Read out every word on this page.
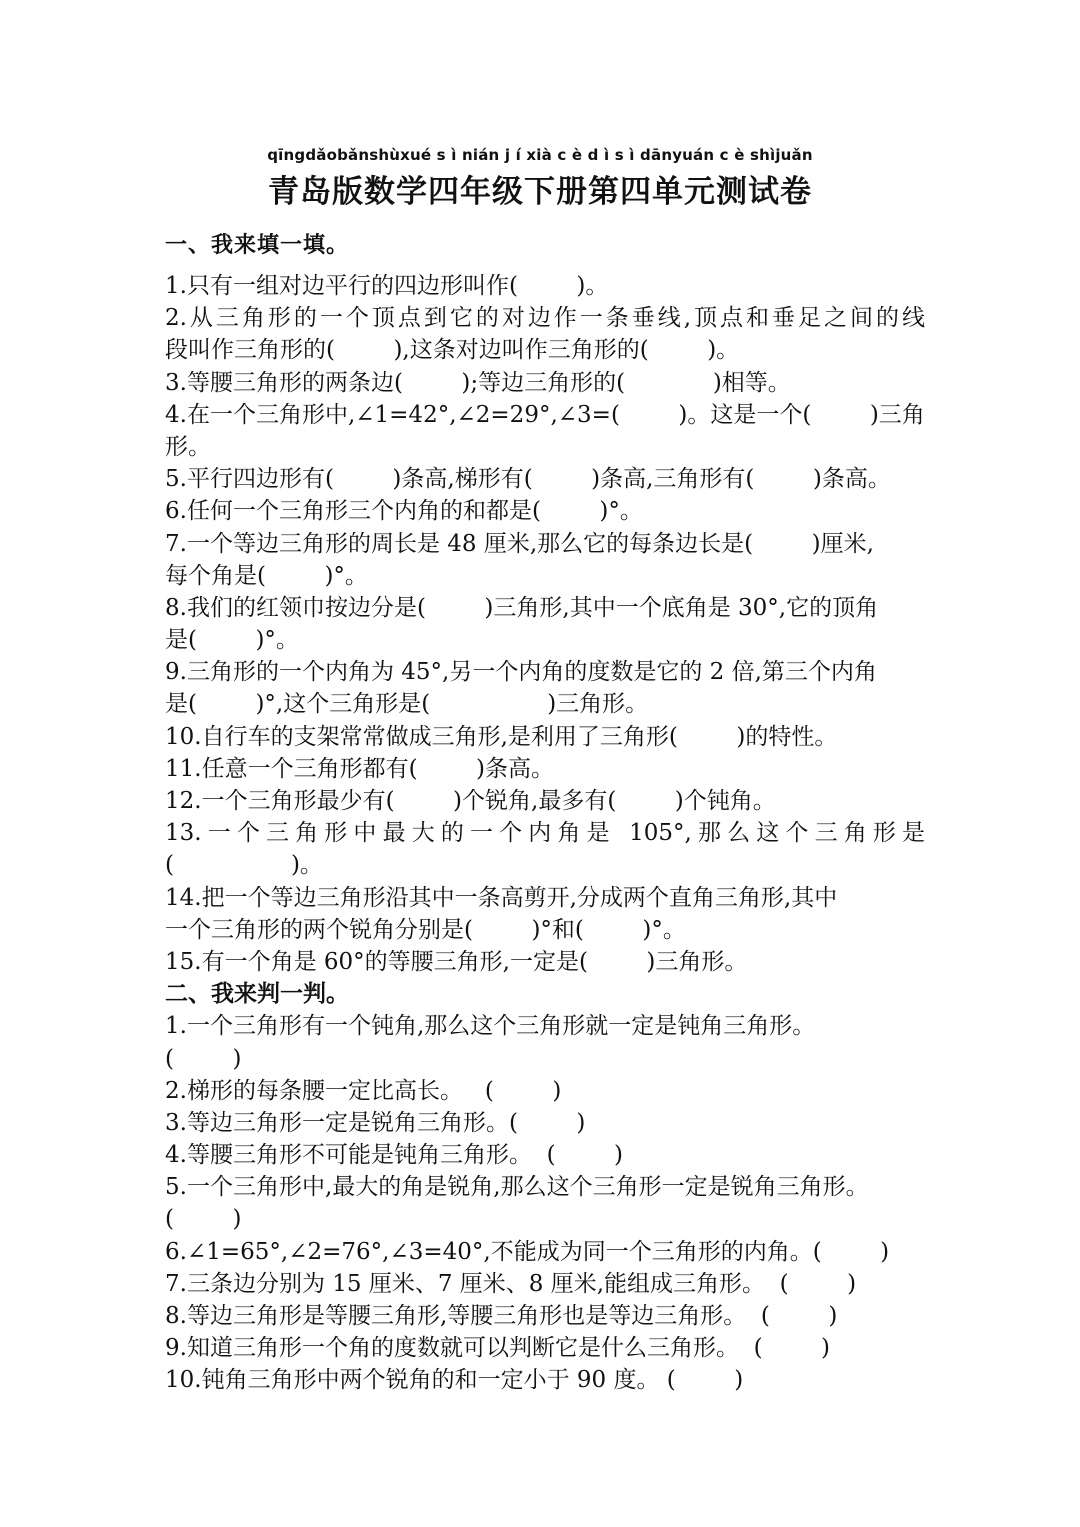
qīngdǎobǎnshùxué s ì nián j í xià c è d ì s ì dānyuán c è shìjuǎn
青岛版数学四年级下册第四单元测试卷
一、我来填一填。
1.只有一组对边平行的四边形叫作(        )。
2.从三角形的一个顶点到它的对边作一条垂线,顶点和垂足之间的线
段叫作三角形的(        ),这条对边叫作三角形的(        )。
3.等腰三角形的两条边(        );等边三角形的(            )相等。
4.在一个三角形中,∠1=42°,∠2=29°,∠3=(        )。这是一个(        )三角
形。
5.平行四边形有(        )条高,梯形有(        )条高,三角形有(        )条高。
6.任何一个三角形三个内角的和都是(        )°。
7.一个等边三角形的周长是 48 厘米,那么它的每条边长是(        )厘米,
每个角是(        )°。
8.我们的红领巾按边分是(        )三角形,其中一个底角是 30°,它的顶角
是(        )°。
9.三角形的一个内角为 45°,另一个内角的度数是它的 2 倍,第三个内角
是(        )°,这个三角形是(                )三角形。
10.自行车的支架常常做成三角形,是利用了三角形(        )的特性。
11.任意一个三角形都有(        )条高。
12.一个三角形最少有(        )个锐角,最多有(        )个钝角。
13.一个三角形中最大的一个内角是 105°,那么这个三角形是
(                )。
14.把一个等边三角形沿其中一条高剪开,分成两个直角三角形,其中
一个三角形的两个锐角分别是(        )°和(        )°。
15.有一个角是 60°的等腰三角形,一定是(        )三角形。
二、我来判一判。
1.一个三角形有一个钝角,那么这个三角形就一定是钝角三角形。
(        )
2.梯形的每条腰一定比高长。   (        )
3.等边三角形一定是锐角三角形。(        )
4.等腰三角形不可能是钝角三角形。  (        )
5.一个三角形中,最大的角是锐角,那么这个三角形一定是锐角三角形。
(        )
6.∠1=65°,∠2=76°,∠3=40°,不能成为同一个三角形的内角。(        )
7.三条边分别为 15 厘米、7 厘米、8 厘米,能组成三角形。  (        )
8.等边三角形是等腰三角形,等腰三角形也是等边三角形。  (        )
9.知道三角形一个角的度数就可以判断它是什么三角形。  (        )
10.钝角三角形中两个锐角的和一定小于 90 度。 (        )
